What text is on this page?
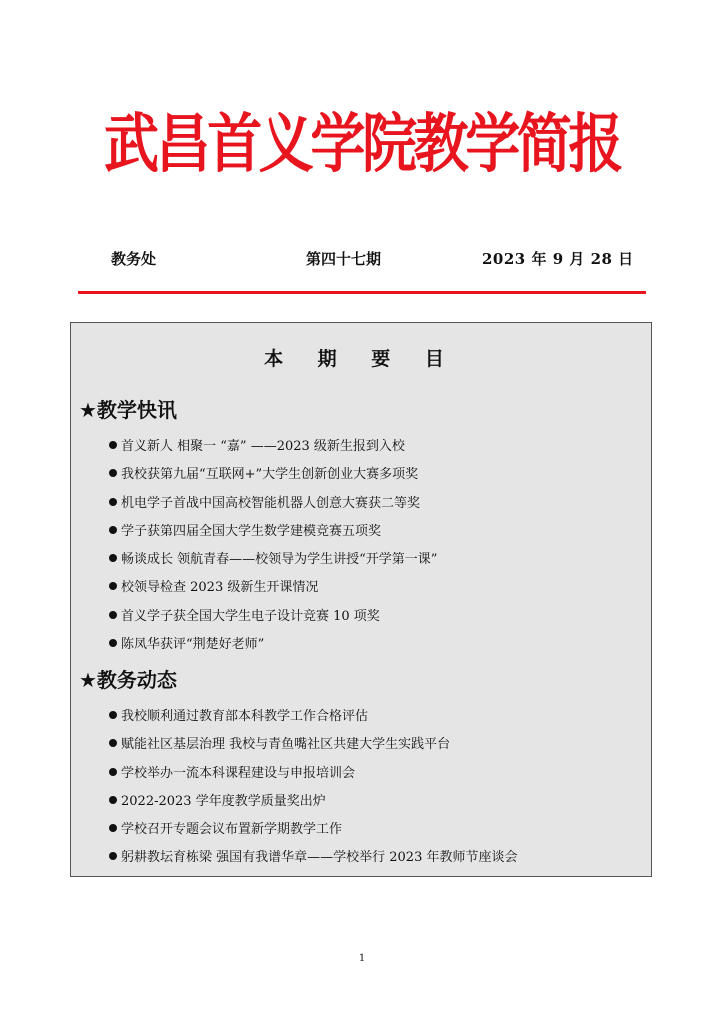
武昌首义学院教学简报
教务处	第四十七期	2023 年 9 月 28 日
本 期 要 目
★教学快讯
首义新人 相聚一 “嘉” ——2023 级新生报到入校
我校获第九届“互联网+”大学生创新创业大赛多项奖
机电学子首战中国高校智能机器人创意大赛获二等奖
学子获第四届全国大学生数学建模竞赛五项奖
畅谈成长 领航青春——校领导为学生讲授“开学第一课”
校领导检查 2023 级新生开课情况
首义学子获全国大学生电子设计竞赛 10 项奖
陈凤华获评“荆楚好老师”
★教务动态
我校顺利通过教育部本科教学工作合格评估
赋能社区基层治理 我校与青鱼嘴社区共建大学生实践平台
学校举办一流本科课程建设与申报培训会
2022-2023 学年度教学质量奖出炉
学校召开专题会议布置新学期教学工作
躬耕教坛育栋梁 强国有我谱华章——学校举行 2023 年教师节座谈会
1
